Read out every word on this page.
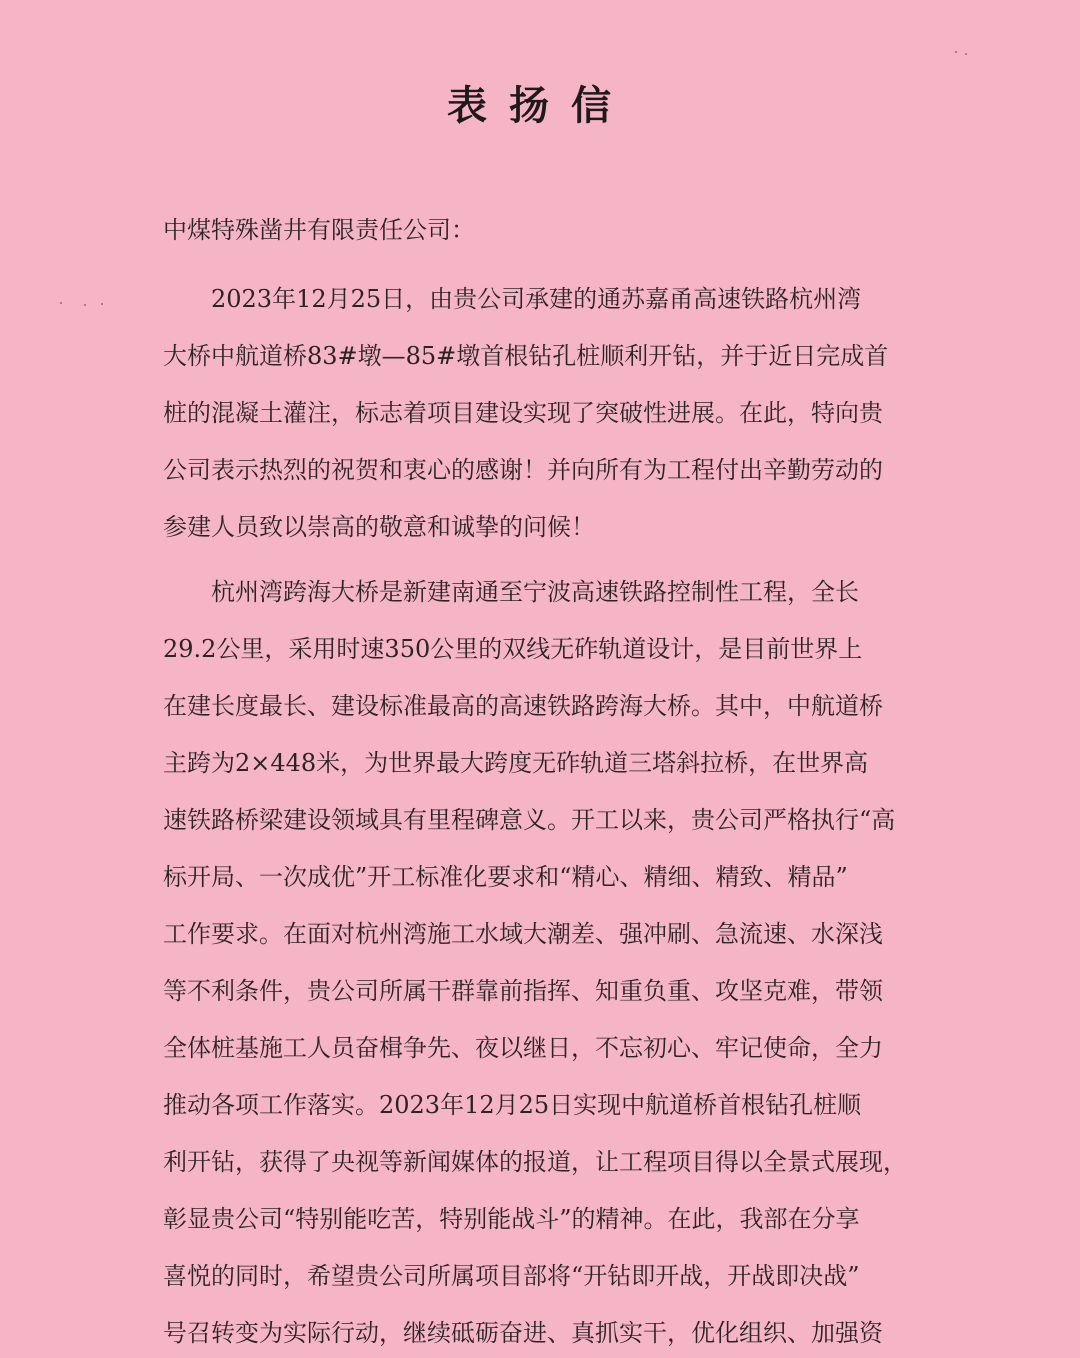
表扬信
中煤特殊凿井有限责任公司：
2023年12月25日，由贵公司承建的通苏嘉甬高速铁路杭州湾
大桥中航道桥83#墩—85#墩首根钻孔桩顺利开钻，并于近日完成首
桩的混凝土灌注，标志着项目建设实现了突破性进展。在此，特向贵
公司表示热烈的祝贺和衷心的感谢！并向所有为工程付出辛勤劳动的
参建人员致以崇高的敬意和诚挚的问候！
杭州湾跨海大桥是新建南通至宁波高速铁路控制性工程，全长
29.2公里，采用时速350公里的双线无砟轨道设计，是目前世界上
在建长度最长、建设标准最高的高速铁路跨海大桥。其中，中航道桥
主跨为2×448米，为世界最大跨度无砟轨道三塔斜拉桥，在世界高
速铁路桥梁建设领域具有里程碑意义。开工以来，贵公司严格执行“高
标开局、一次成优”开工标准化要求和“精心、精细、精致、精品”
工作要求。在面对杭州湾施工水域大潮差、强冲刷、急流速、水深浅
等不利条件，贵公司所属干群靠前指挥、知重负重、攻坚克难，带领
全体桩基施工人员奋楫争先、夜以继日，不忘初心、牢记使命，全力
推动各项工作落实。2023年12月25日实现中航道桥首根钻孔桩顺
利开钻，获得了央视等新闻媒体的报道，让工程项目得以全景式展现，
彰显贵公司“特别能吃苦，特别能战斗”的精神。在此，我部在分享
喜悦的同时，希望贵公司所属项目部将“开钻即开战，开战即决战”
号召转变为实际行动，继续砥砺奋进、真抓实干，优化组织、加强资
